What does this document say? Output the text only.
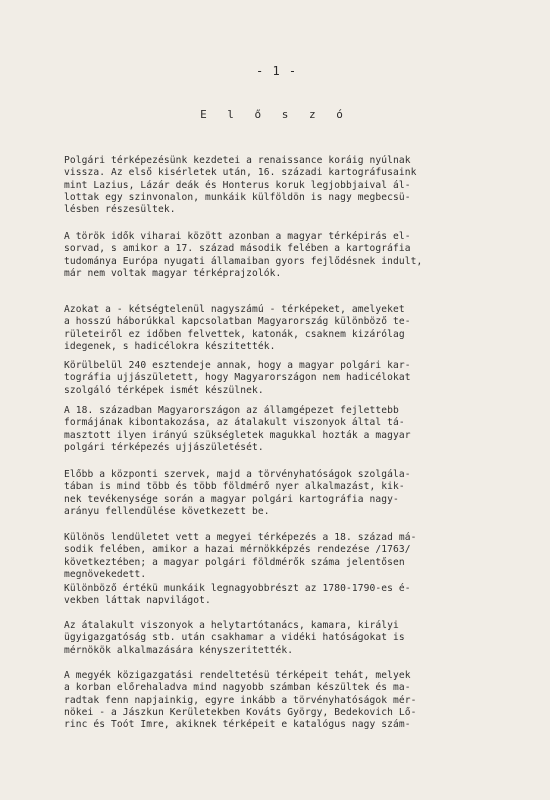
- 1 -
E l ő s z ó
Polgári térképezésünk kezdetei a renaissance koráig nyúlnak
vissza. Az első kisérletek után, 16. századi kartográfusaink
mint Lazius, Lázár deák és Honterus koruk legjobbjaival ál-
lottak egy szinvonalon, munkáik külföldön is nagy megbecsü-
lésben részesültek.
A török idők viharai között azonban a magyar térképirás el-
sorvad, s amikor a 17. század második felében a kartográfia
tudománya Európa nyugati államaiban gyors fejlődésnek indult,
már nem voltak magyar térképrajzolók.
Azokat a - kétségtelenül nagyszámú - térképeket, amelyeket
a hosszú háborúkkal kapcsolatban Magyarország különböző te-
rületeiről ez időben felvettek, katonák, csaknem kizárólag
idegenek, s hadicélokra készitették.
Körülbelül 240 esztendeje annak, hogy a magyar polgári kar-
tográfia ujjászületett, hogy Magyarországon nem hadicélokat
szolgáló térképek ismét készülnek.
A 18. században Magyarországon az államgépezet fejlettebb
formájának kibontakozása, az átalakult viszonyok által tá-
masztott ilyen irányú szükségletek magukkal hozták a magyar
polgári térképezés ujjászületését.
Előbb a központi szervek, majd a törvényhatóságok szolgála-
tában is mind több és több földmérő nyer alkalmazást, kik-
nek tevékenysége során a magyar polgári kartográfia nagy-
arányu fellendülése következett be.
Különös lendületet vett a megyei térképezés a 18. század má-
sodik felében, amikor a hazai mérnökképzés rendezése /1763/
következtében; a magyar polgári földmérők száma jelentősen
megnövekedett.
Különböző értékü munkáik legnagyobbrészt az 1780-1790-es é-
vekben láttak napvilágot.
Az átalakult viszonyok a helytartótanács, kamara, királyi
ügyigazgatóság stb. után csakhamar a vidéki hatóságokat is
mérnökök alkalmazására kényszeritették.
A megyék közigazgatási rendeltetésü térképeit tehát, melyek
a korban előrehaladva mind nagyobb számban készültek és ma-
radtak fenn napjainkig, egyre inkább a törvényhatóságok mér-
nökei - a Jászkun Kerületekben Kováts György, Bedekovich Lő-
rinc és Toót Imre, akiknek térképeit e katalógus nagy szám-
